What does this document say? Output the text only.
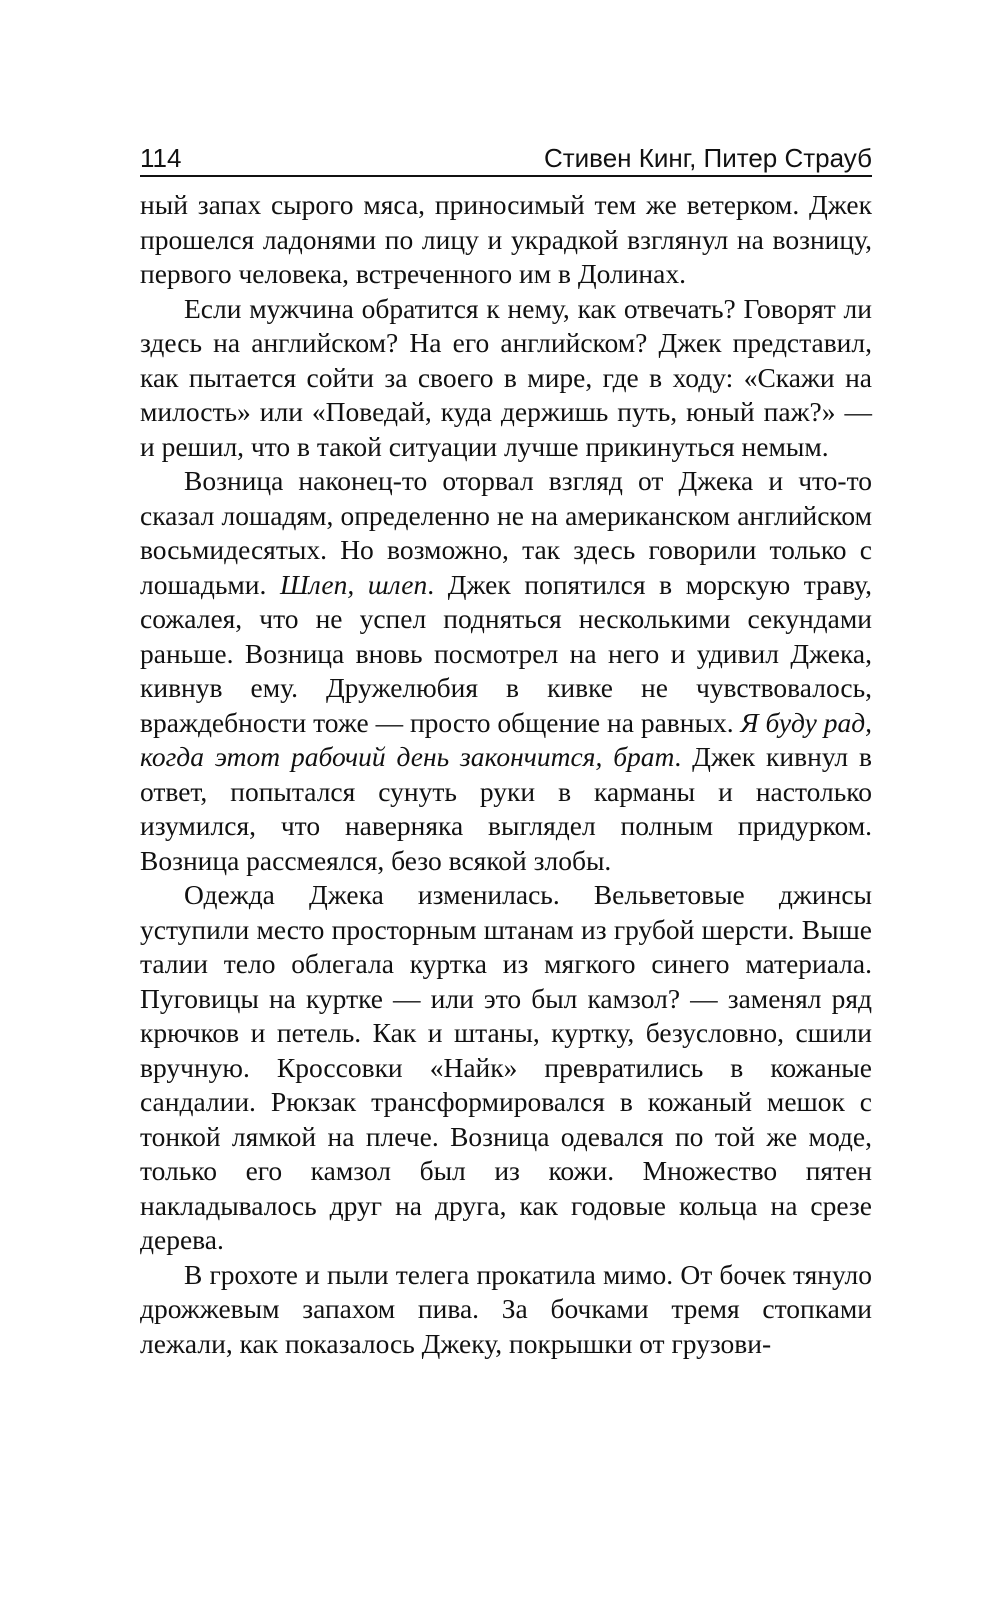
114	Стивен Кинг, Питер Страуб

ный запах сырого мяса, приносимый тем же ветерком. Джек прошелся ладонями по лицу и украдкой взглянул на возницу, первого человека, встреченного им в Долинах.

Если мужчина обратится к нему, как отвечать? Говорят ли здесь на английском? На его английском? Джек представил, как пытается сойти за своего в мире, где в ходу: «Скажи на милость» или «Поведай, куда держишь путь, юный паж?» — и решил, что в такой ситуации лучше прикинуться немым.

Возница наконец-то оторвал взгляд от Джека и что-то сказал лошадям, определенно не на американском английском восьмидесятых. Но возможно, так здесь говорили только с лошадьми. Шлеп, шлеп. Джек попятился в морскую траву, сожалея, что не успел подняться несколькими секундами раньше. Возница вновь посмотрел на него и удивил Джека, кивнув ему. Дружелюбия в кивке не чувствовалось, враждебности тоже — просто общение на равных. Я буду рад, когда этот рабочий день закончится, брат. Джек кивнул в ответ, попытался сунуть руки в карманы и настолько изумился, что наверняка выглядел полным придурком. Возница рассмеялся, безо всякой злобы.

Одежда Джека изменилась. Вельветовые джинсы уступили место просторным штанам из грубой шерсти. Выше талии тело облегала куртка из мягкого синего материала. Пуговицы на куртке — или это был камзол? — заменял ряд крючков и петель. Как и штаны, куртку, безусловно, сшили вручную. Кроссовки «Найк» превратились в кожаные сандалии. Рюкзак трансформировался в кожаный мешок с тонкой лямкой на плече. Возница одевался по той же моде, только его камзол был из кожи. Множество пятен накладывалось друг на друга, как годовые кольца на срезе дерева.

В грохоте и пыли телега прокатила мимо. От бочек тянуло дрожжевым запахом пива. За бочками тремя стопками лежали, как показалось Джеку, покрышки от грузови-
